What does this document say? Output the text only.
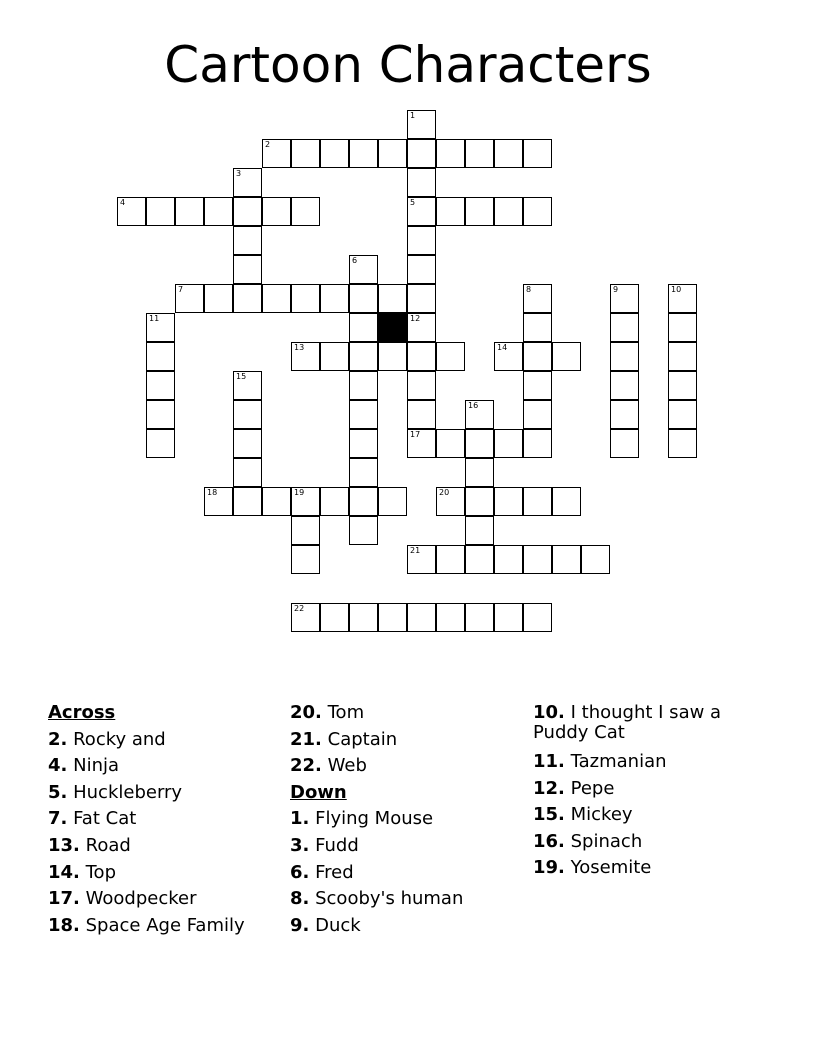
Cartoon Characters
2
4	5
7
13	14
17
18	19	20
21
22
1
3
6
8	9	10
11	12
15
16
Across
2. Rocky and
4. Ninja
5. Huckleberry
7. Fat Cat
13. Road
14. Top
17. Woodpecker
18. Space Age Family
20. Tom
21. Captain
22. Web
Down
1. Flying Mouse
3. Fudd
6. Fred
8. Scooby's human
9. Duck
10. I thought I saw a Puddy Cat
11. Tazmanian
12. Pepe
15. Mickey
16. Spinach
19. Yosemite
